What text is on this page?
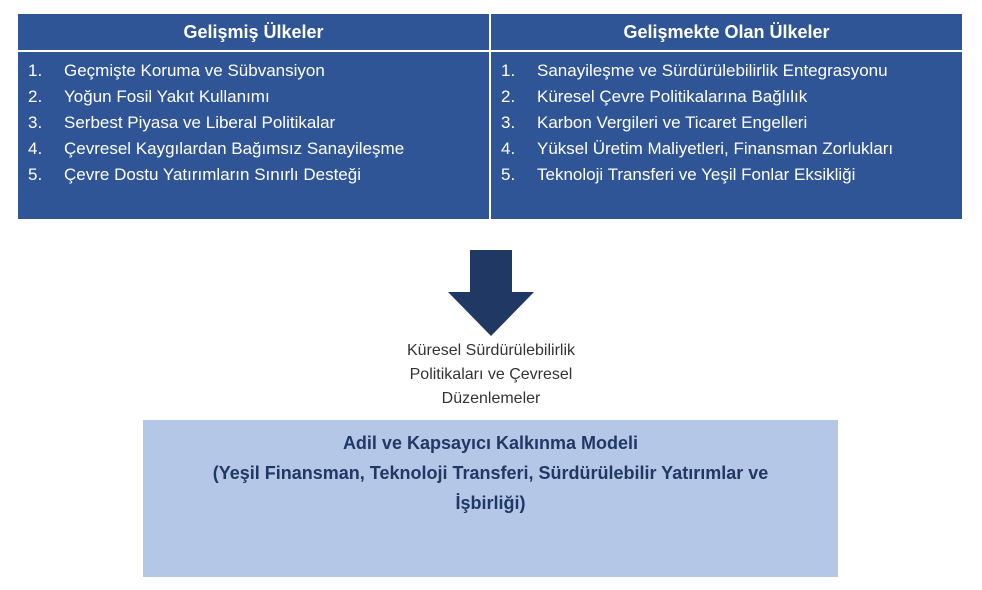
Gelişmiş Ülkeler
1.	Geçmişte Koruma ve Sübvansiyon
2.	Yoğun Fosil Yakıt Kullanımı
3.	Serbest Piyasa ve Liberal Politikalar
4.	Çevresel Kaygılardan Bağımsız Sanayileşme
5.	Çevre Dostu Yatırımların Sınırlı Desteği
Gelişmekte Olan Ülkeler
1.	Sanayileşme ve Sürdürülebilirlik Entegrasyonu
2.	Küresel Çevre Politikalarına Bağlılık
3.	Karbon Vergileri ve Ticaret Engelleri
4.	Yüksel Üretim Maliyetleri, Finansman Zorlukları
5.	Teknoloji Transferi ve Yeşil Fonlar Eksikliği
Küresel Sürdürülebilirlik
Politikaları ve Çevresel
Düzenlemeler
Adil ve Kapsayıcı Kalkınma Modeli
(Yeşil Finansman, Teknoloji Transferi, Sürdürülebilir Yatırımlar ve
İşbirliği)
